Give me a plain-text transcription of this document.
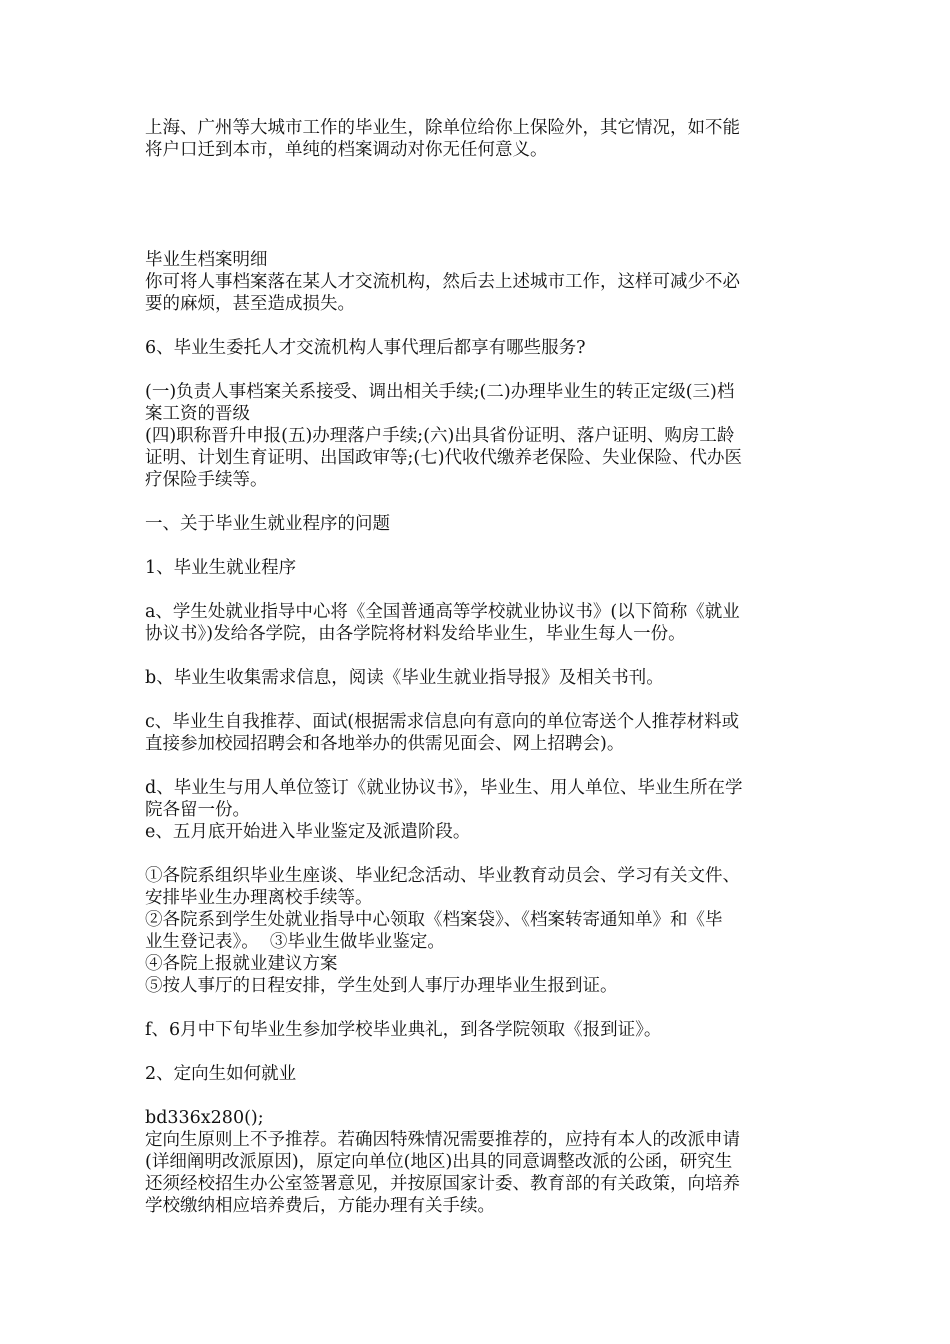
上海、广州等大城市工作的毕业生，除单位给你上保险外，其它情况，如不能
将户口迁到本市，单纯的档案调动对你无任何意义。

毕业生档案明细
你可将人事档案落在某人才交流机构，然后去上述城市工作，这样可减少不必
要的麻烦，甚至造成损失。

6、毕业生委托人才交流机构人事代理后都享有哪些服务?

(一)负责人事档案关系接受、调出相关手续;(二)办理毕业生的转正定级(三)档
案工资的晋级
(四)职称晋升申报(五)办理落户手续;(六)出具省份证明、落户证明、购房工龄
证明、计划生育证明、出国政审等;(七)代收代缴养老保险、失业保险、代办医
疗保险手续等。

一、关于毕业生就业程序的问题

1、毕业生就业程序

a、学生处就业指导中心将《全国普通高等学校就业协议书》(以下简称《就业
协议书》)发给各学院，由各学院将材料发给毕业生，毕业生每人一份。

b、毕业生收集需求信息，阅读《毕业生就业指导报》及相关书刊。

c、毕业生自我推荐、面试(根据需求信息向有意向的单位寄送个人推荐材料或
直接参加校园招聘会和各地举办的供需见面会、网上招聘会)。

d、毕业生与用人单位签订《就业协议书》，毕业生、用人单位、毕业生所在学
院各留一份。
e、五月底开始进入毕业鉴定及派遣阶段。

①各院系组织毕业生座谈、毕业纪念活动、毕业教育动员会、学习有关文件、
安排毕业生办理离校手续等。
②各院系到学生处就业指导中心领取《档案袋》、《档案转寄通知单》和《毕
业生登记表》。  ③毕业生做毕业鉴定。
④各院上报就业建议方案
⑤按人事厅的日程安排，学生处到人事厅办理毕业生报到证。

f、6月中下旬毕业生参加学校毕业典礼，到各学院领取《报到证》。

2、定向生如何就业

bd336x280();
定向生原则上不予推荐。若确因特殊情况需要推荐的，应持有本人的改派申请
(详细阐明改派原因)，原定向单位(地区)出具的同意调整改派的公函，研究生
还须经校招生办公室签署意见，并按原国家计委、教育部的有关政策，向培养
学校缴纳相应培养费后，方能办理有关手续。
